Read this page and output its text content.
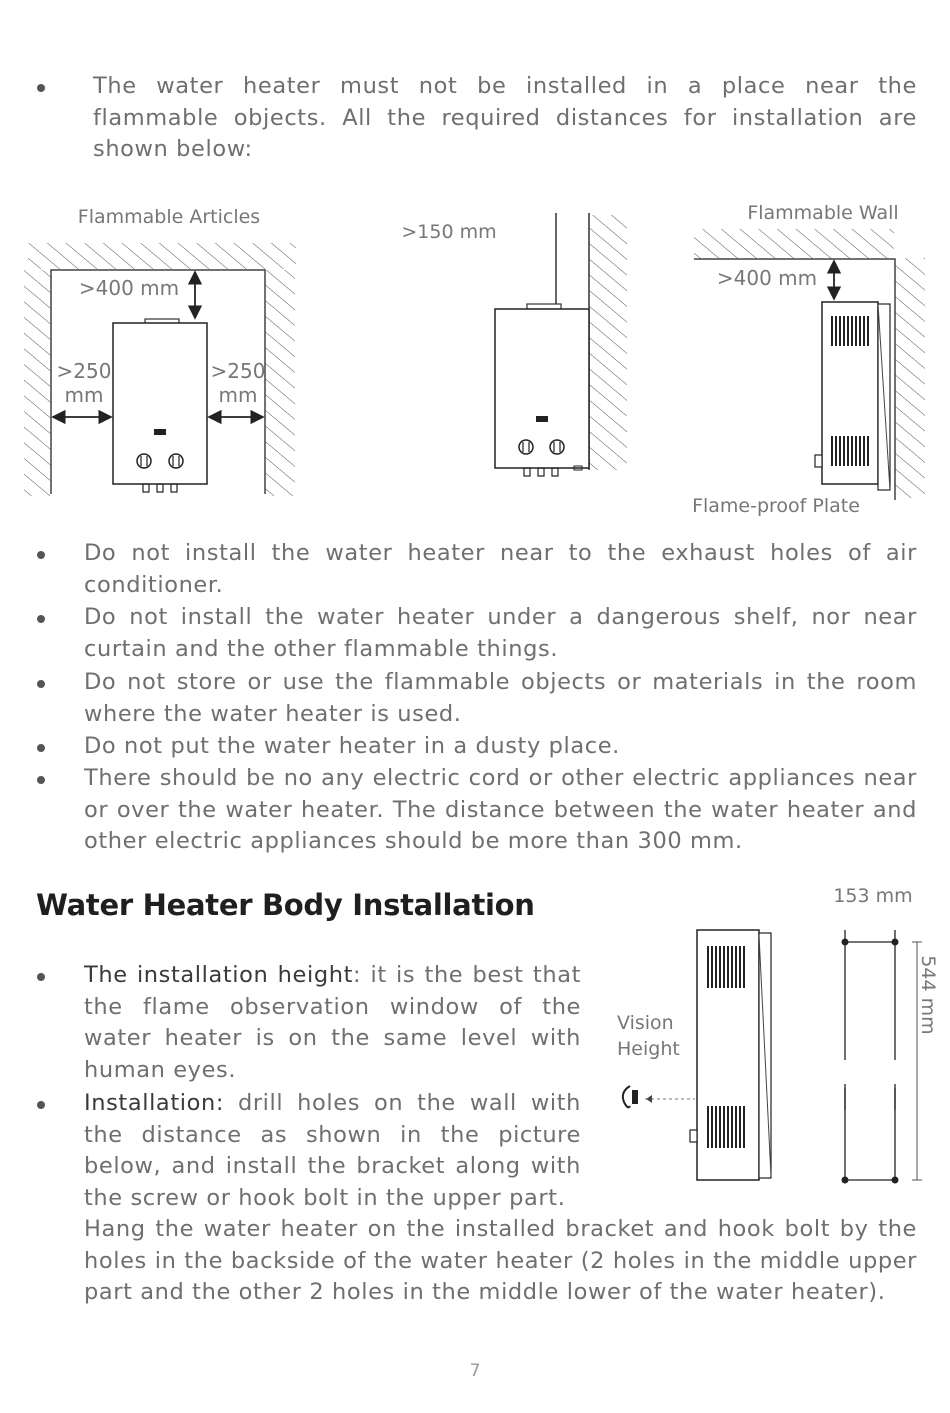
The water heater must not be installed in a place near the flammable objects. All the required distances for installation are shown below:

Flammable Articles
>400 mm
>250
mm
>250
mm
>150 mm
Flammable Wall
>400 mm
Flame-proof Plate

Do not install the water heater near to the exhaust holes of air conditioner.

Do not install the water heater under a dangerous shelf, nor near curtain and the other flammable things.

Do not store or use the flammable objects or materials in the room where the water heater is used.

Do not put the water heater in a dusty place.

There should be no any electric cord or other electric appliances near or over the water heater. The distance between the water heater and other electric appliances should be more than 300 mm.

Water Heater Body Installation

The installation height: it is the best that the flame observation window of the water heater is on the same level with human eyes.

Installation: drill holes on the wall with the distance as shown in the picture below, and install the bracket along with the screw or hook bolt in the upper part.

Hang the water heater on the installed bracket and hook bolt by the holes in the backside of the water heater (2 holes in the middle upper part and the other 2 holes in the middle lower of the water heater).

153 mm
544 mm
Vision
Height
7
